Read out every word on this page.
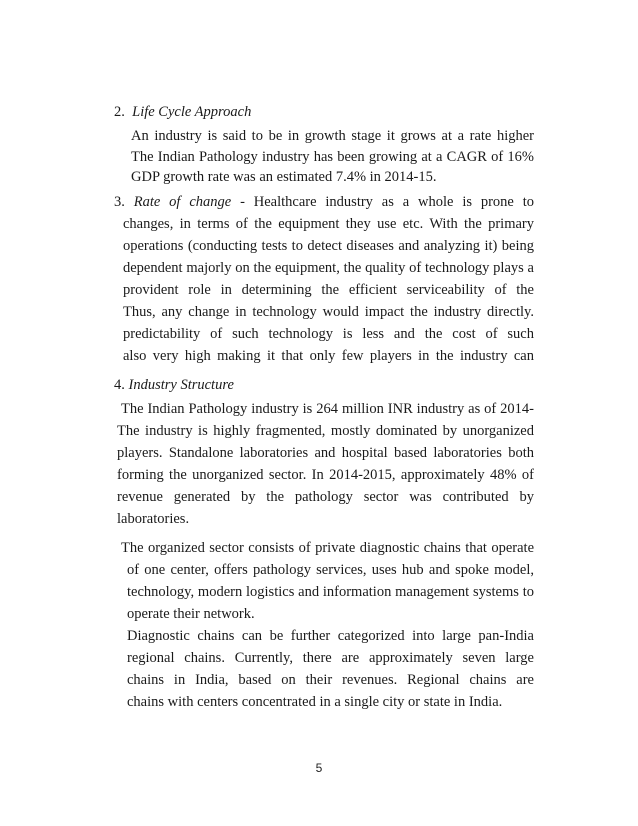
2. Life Cycle Approach
An industry is said to be in growth stage it grows at a rate higher
The Indian Pathology industry has been growing at a CAGR of 16%
GDP growth rate was an estimated 7.4% in 2014-15.
3. Rate of change - Healthcare industry as a whole is prone to
changes, in terms of the equipment they use etc. With the primary
operations (conducting tests to detect diseases and analyzing it) being
dependent majorly on the equipment, the quality of technology plays a
provident role in determining the efficient serviceability of the
Thus, any change in technology would impact the industry directly.
predictability of such technology is less and the cost of such
also very high making it that only few players in the industry can
4. Industry Structure
The Indian Pathology industry is 264 million INR industry as of 2014-
The industry is highly fragmented, mostly dominated by unorganized
players. Standalone laboratories and hospital based laboratories both
forming the unorganized sector. In 2014-2015, approximately 48% of
revenue generated by the pathology sector was contributed by
laboratories.
The organized sector consists of private diagnostic chains that operate
of one center, offers pathology services, uses hub and spoke model,
technology, modern logistics and information management systems to
operate their network.
Diagnostic chains can be further categorized into large pan-India
regional chains. Currently, there are approximately seven large
chains in India, based on their revenues. Regional chains are
chains with centers concentrated in a single city or state in India.
5
